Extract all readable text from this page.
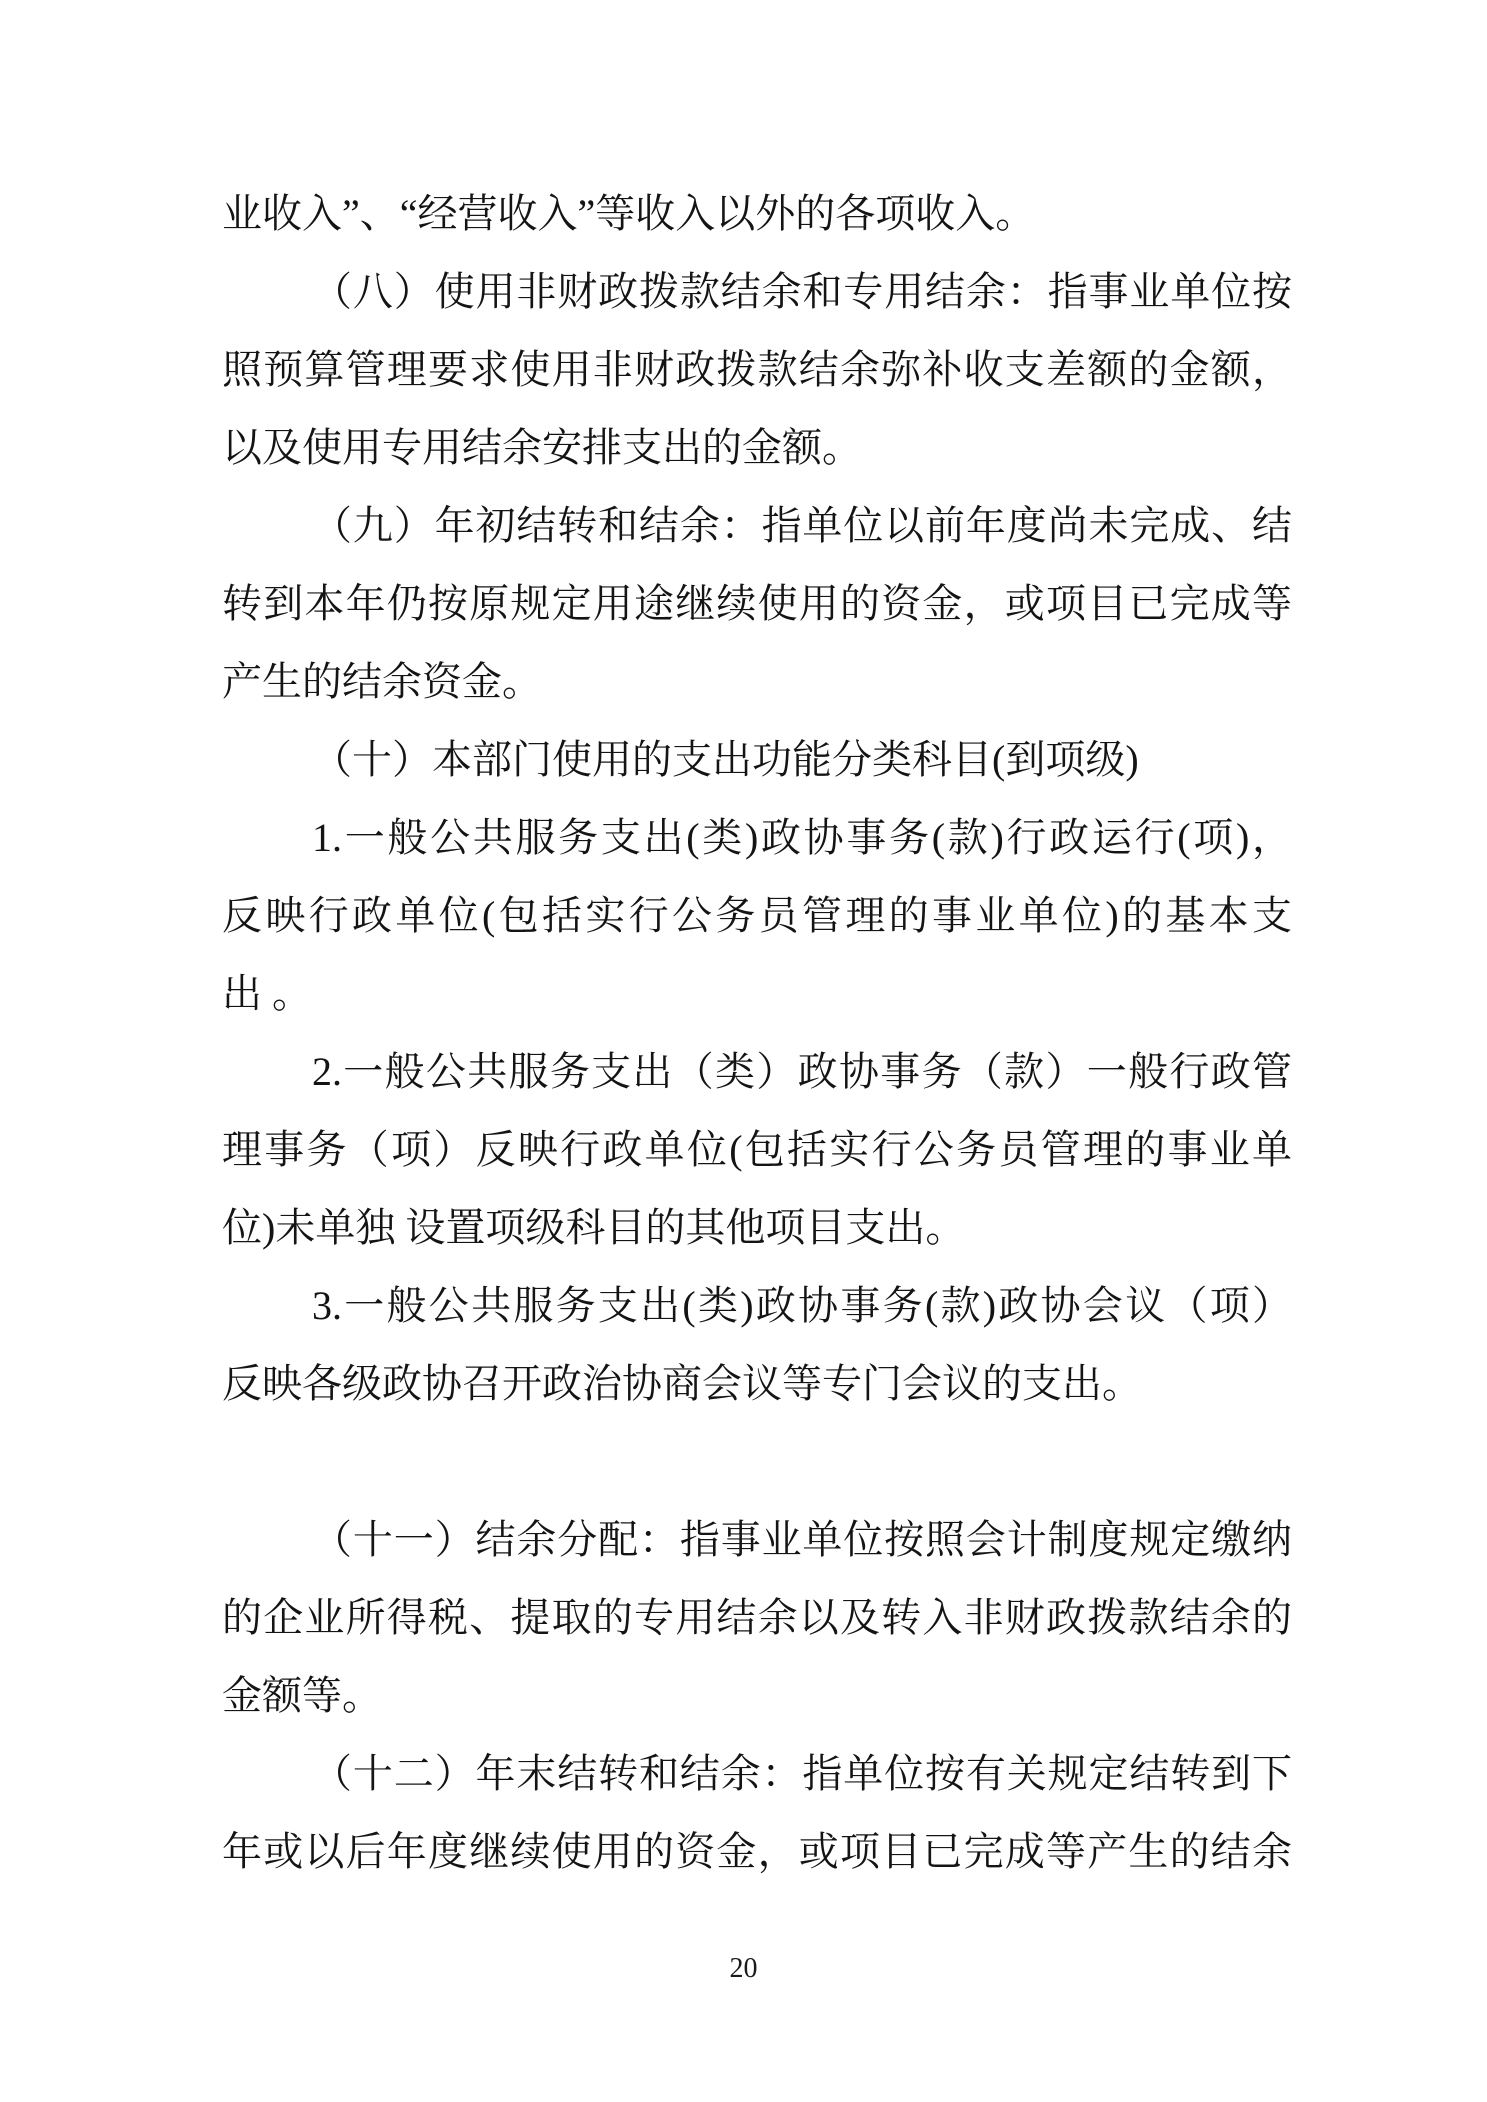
业收入”、“经营收入”等收入以外的各项收入。
（八）使用非财政拨款结余和专用结余：指事业单位按
照预算管理要求使用非财政拨款结余弥补收支差额的金额，
以及使用专用结余安排支出的金额。
（九）年初结转和结余：指单位以前年度尚未完成、结
转到本年仍按原规定用途继续使用的资金，或项目已完成等
产生的结余资金。
（十）本部门使用的支出功能分类科目(到项级)
1.一般公共服务支出(类)政协事务(款)行政运行(项)，
反映行政单位(包括实行公务员管理的事业单位)的基本支
出 。
2.一般公共服务支出（类）政协事务（款）一般行政管
理事务（项）反映行政单位(包括实行公务员管理的事业单
位)未单独 设置项级科目的其他项目支出。
3.一般公共服务支出(类)政协事务(款)政协会议（项）
反映各级政协召开政治协商会议等专门会议的支出。
（十一）结余分配：指事业单位按照会计制度规定缴纳
的企业所得税、提取的专用结余以及转入非财政拨款结余的
金额等。
（十二）年末结转和结余：指单位按有关规定结转到下
年或以后年度继续使用的资金，或项目已完成等产生的结余
20
